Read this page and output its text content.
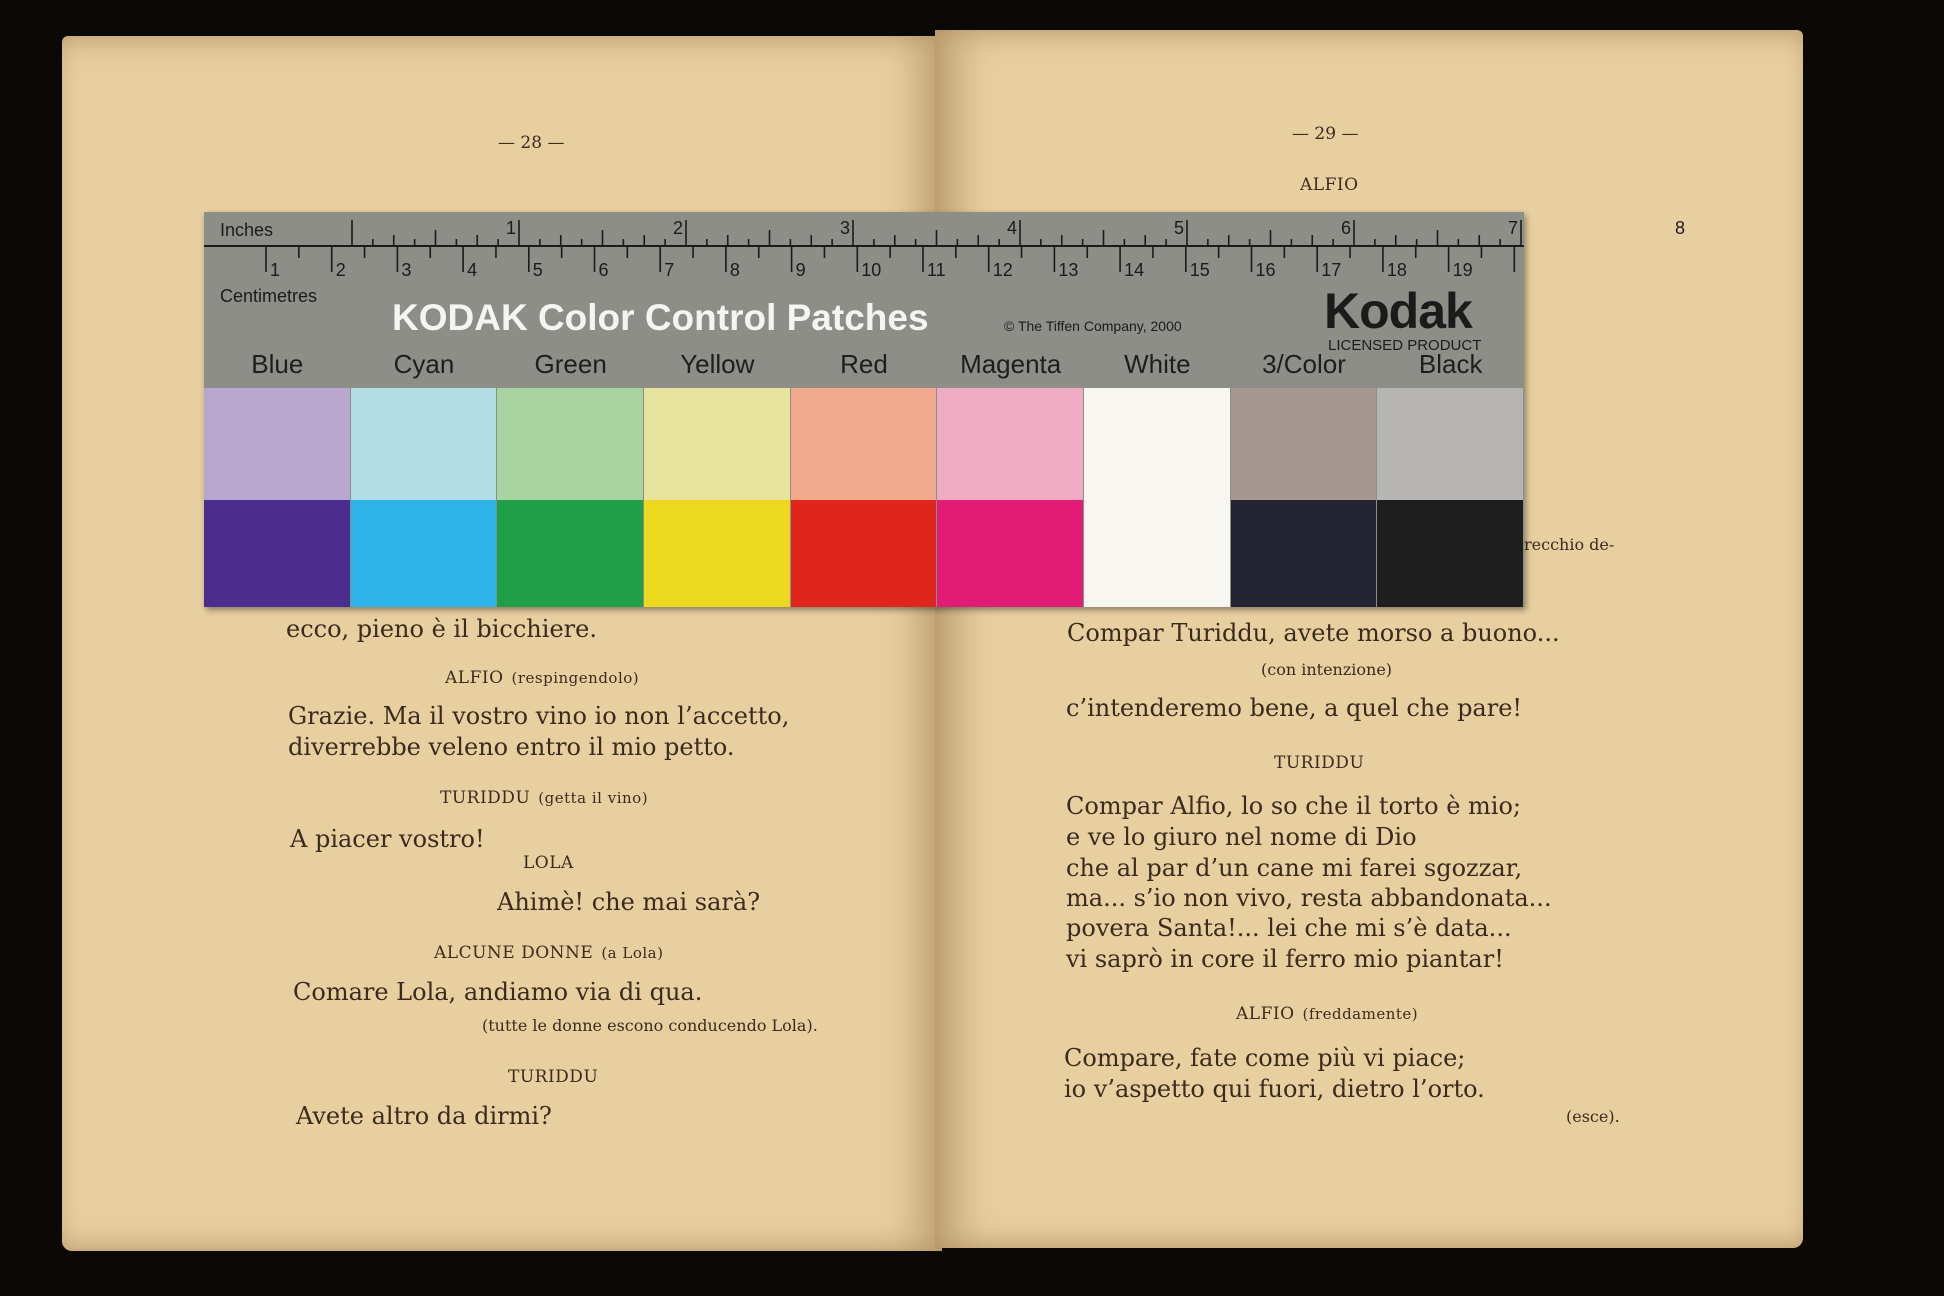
— 28 —
ecco, pieno è il bicchiere.
ALFIO (respingendolo)
Grazie. Ma il vostro vino io non l’accetto,
diverrebbe veleno entro il mio petto.
TURIDDU (getta il vino)
A piacer vostro!
LOLA
Ahimè! che mai sarà?
ALCUNE DONNE (a Lola)
Comare Lola, andiamo via di qua.
(tutte le donne escono conducendo Lola).
TURIDDU
Avete altro da dirmi?
— 29 —
ALFIO
recchio de-
Compar Turiddu, avete morso a buono...
(con intenzione)
c’intenderemo bene, a quel che pare!
TURIDDU
Compar Alfio, lo so che il torto è mio;
e ve lo giuro nel nome di Dio
che al par d’un cane mi farei sgozzar,
ma... s’io non vivo, resta abbandonata...
povera Santa!... lei che mi s’è data...
vi saprò in core il ferro mio piantar!
ALFIO (freddamente)
Compare, fate come più vi piace;
io v’aspetto qui fuori, dietro l’orto.
(esce).
Inches
Centimetres
1	2	3	4	5	6	7	8
1	2	3	4	5	6	7	8	9	10	11	12	13	14	15	16	17	18	19
KODAK Color Control Patches	© The Tiffen Company, 2000	Kodak
LICENSED PRODUCT
Blue	Cyan	Green	Yellow	Red	Magenta	White	3/Color	Black
